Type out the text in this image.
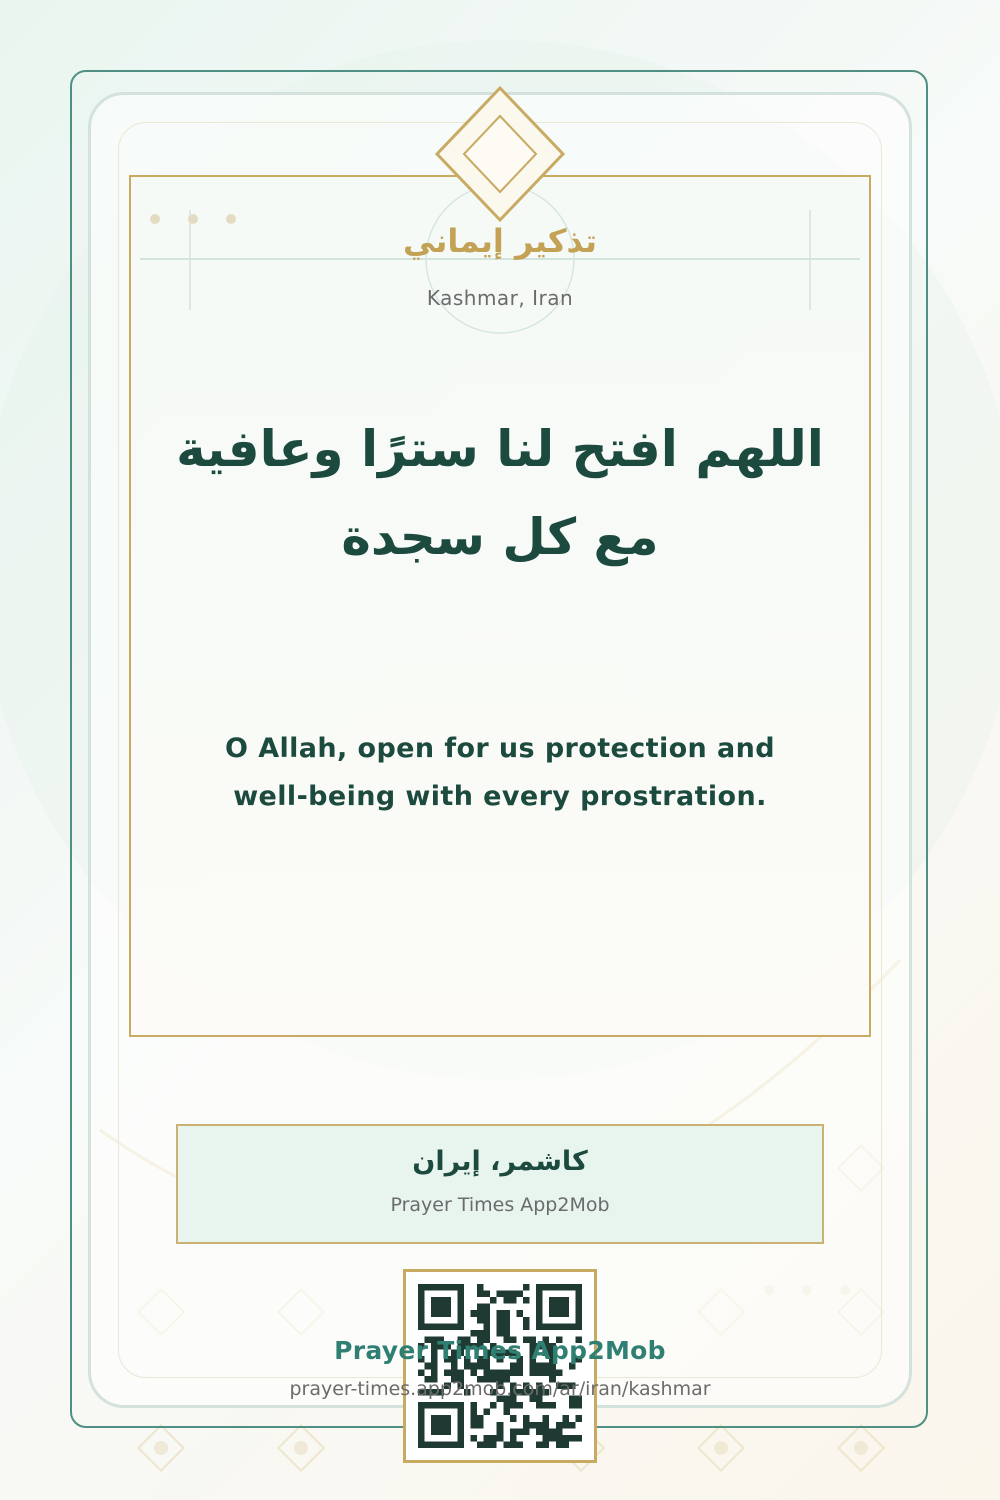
تذكير إيماني
Kashmar, Iran
اللهم افتح لنا سترًا وعافية مع كل سجدة
O Allah, open for us protection and well-being with every prostration.
كاشمر، إيران
Prayer Times App2Mob
Prayer Times App2Mob
prayer-times.app2mob.com/ar/iran/kashmar
